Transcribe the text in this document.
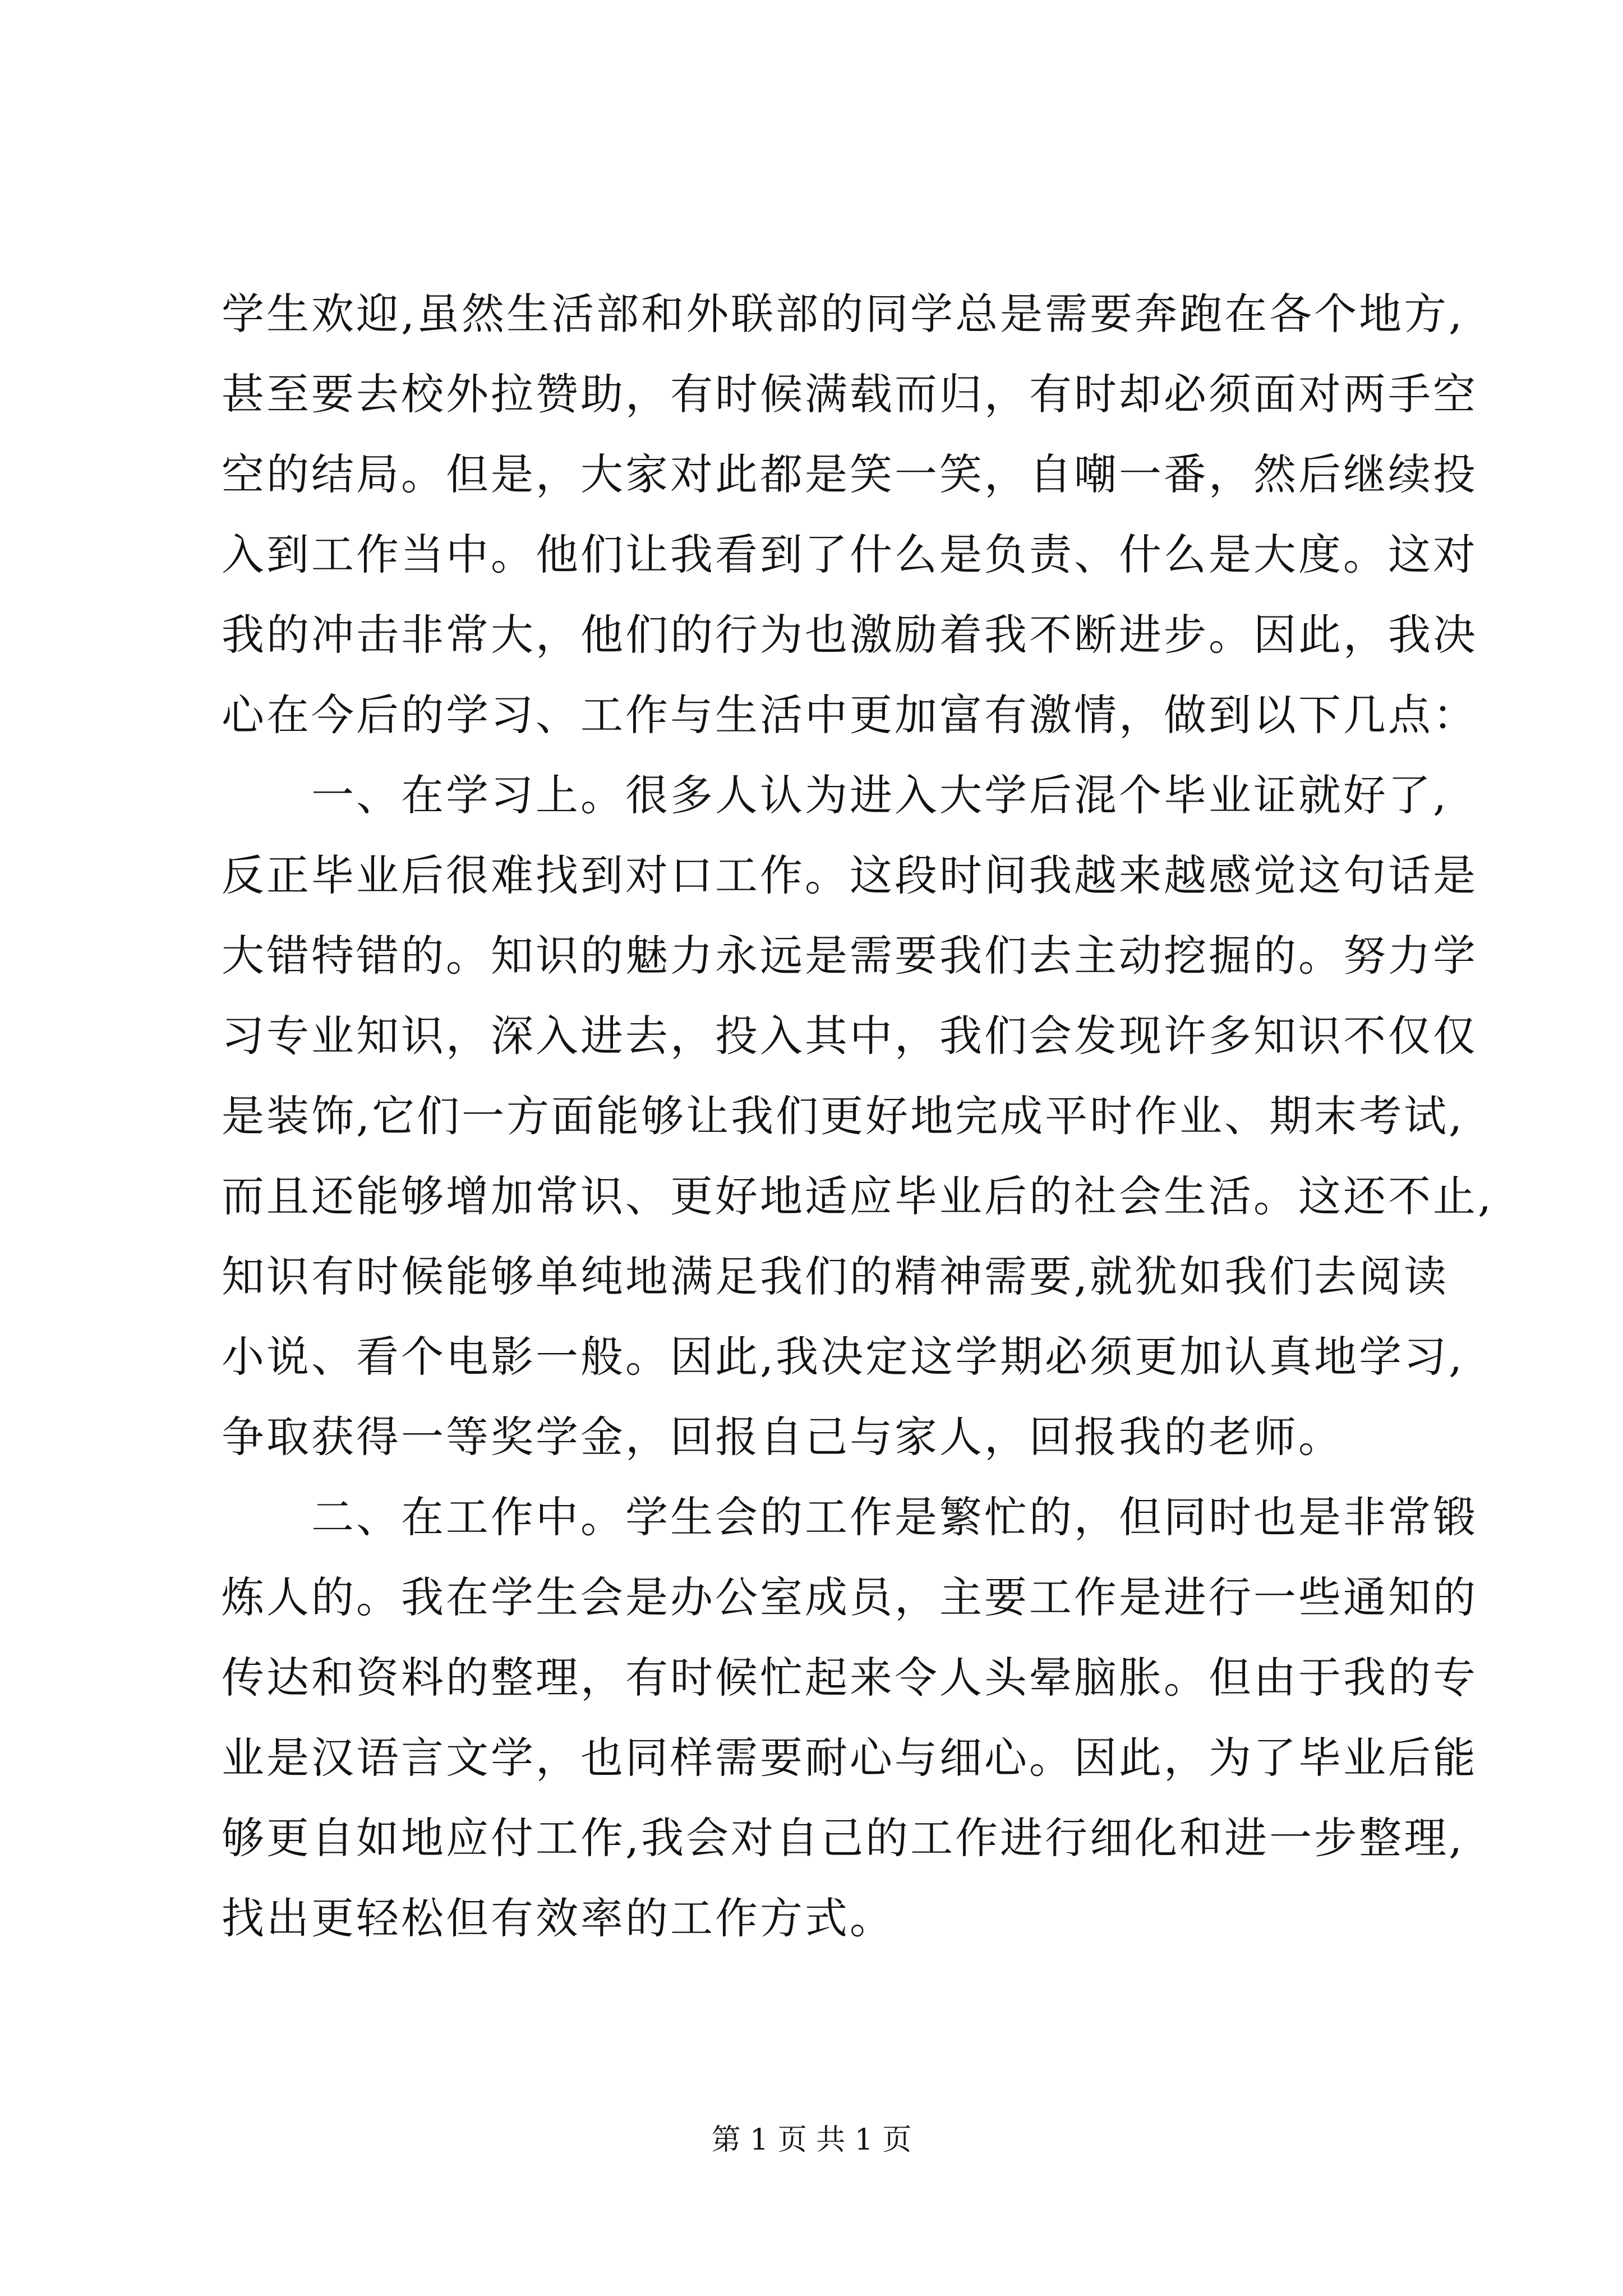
学生欢迎,虽然生活部和外联部的同学总是需要奔跑在各个地方,
甚至要去校外拉赞助，有时候满载而归，有时却必须面对两手空
空的结局。但是，大家对此都是笑一笑，自嘲一番，然后继续投
入到工作当中。他们让我看到了什么是负责、什么是大度。这对
我的冲击非常大，他们的行为也激励着我不断进步。因此，我决
心在今后的学习、工作与生活中更加富有激情，做到以下几点：
一、在学习上。很多人认为进入大学后混个毕业证就好了,
反正毕业后很难找到对口工作。这段时间我越来越感觉这句话是
大错特错的。知识的魅力永远是需要我们去主动挖掘的。努力学
习专业知识，深入进去，投入其中，我们会发现许多知识不仅仅
是装饰,它们一方面能够让我们更好地完成平时作业、期末考试,
而且还能够增加常识、更好地适应毕业后的社会生活。这还不止,
知识有时候能够单纯地满足我们的精神需要,就犹如我们去阅读
小说、看个电影一般。因此,我决定这学期必须更加认真地学习,
争取获得一等奖学金，回报自己与家人，回报我的老师。
二、在工作中。学生会的工作是繁忙的，但同时也是非常锻
炼人的。我在学生会是办公室成员，主要工作是进行一些通知的
传达和资料的整理，有时候忙起来令人头晕脑胀。但由于我的专
业是汉语言文学，也同样需要耐心与细心。因此，为了毕业后能
够更自如地应付工作,我会对自己的工作进行细化和进一步整理,
找出更轻松但有效率的工作方式。
第 1 页 共 1 页
